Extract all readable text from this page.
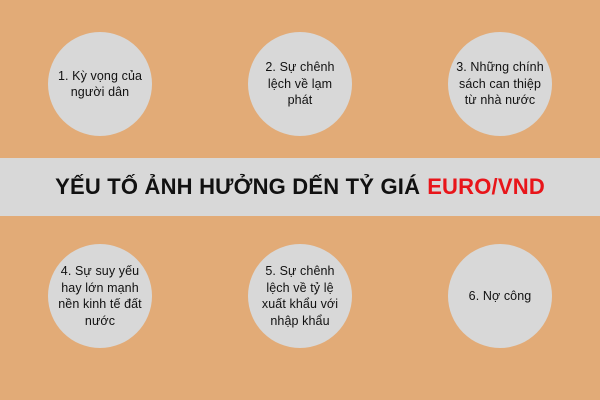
1. Kỳ vọng của người dân
2. Sự chênh lệch về lạm phát
3. Những chính sách can thiệp từ nhà nước
YẾU TỐ ẢNH HƯỞNG DẾN TỶ GIÁ EURO/VND
4. Sự suy yếu hay lớn mạnh nền kinh tế đất nước
5. Sự chênh lệch về tỷ lệ xuất khẩu với nhập khẩu
6. Nợ công
